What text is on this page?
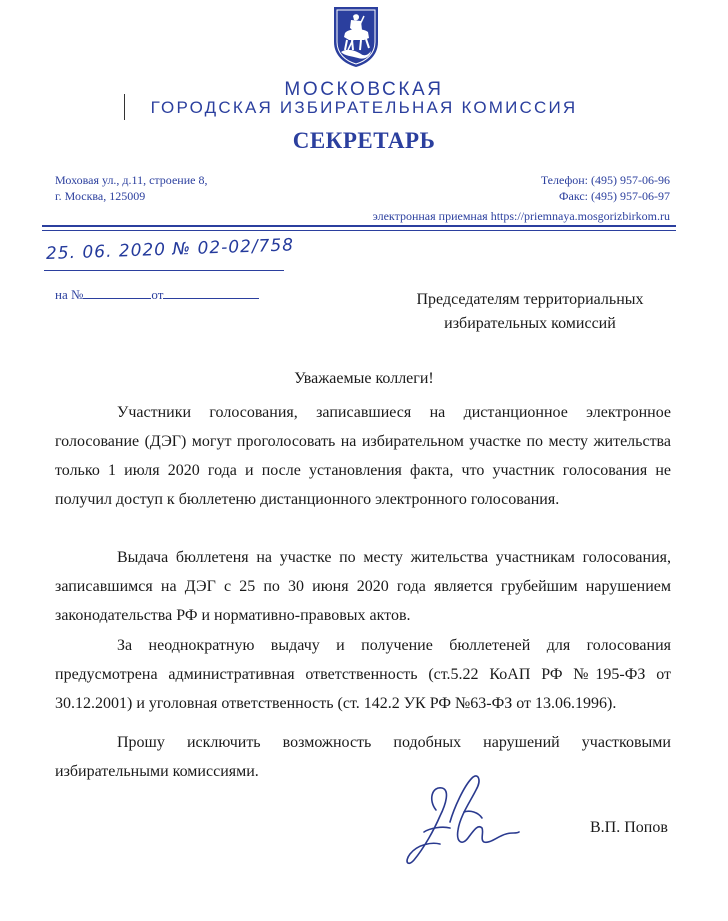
МОСКОВСКАЯ
ГОРОДСКАЯ ИЗБИРАТЕЛЬНАЯ КОМИССИЯ
СЕКРЕТАРЬ
Моховая ул., д.11, строение 8,
г. Москва, 125009
Телефон: (495) 957-06-96
Факс: (495) 957-06-97
электронная приемная https://priemnaya.mosgorizbirkom.ru
25. 06. 2020 № 02-02/758
на №	от	Председателям территориальных
избирательных комиссий
Уважаемые коллеги!

Участники голосования, записавшиеся на дистанционное электронное голосование (ДЭГ) могут проголосовать на избирательном участке по месту жительства только 1 июля 2020 года и после установления факта, что участник голосования не получил доступ к бюллетеню дистанционного электронного голосования.

Выдача бюллетеня на участке по месту жительства участникам голосования, записавшимся на ДЭГ с 25 по 30 июня 2020 года является грубейшим нарушением законодательства РФ и нормативно-правовых актов.

За неоднократную выдачу и получение бюллетеней для голосования предусмотрена административная ответственность (ст.5.22 КоАП РФ №195-ФЗ от 30.12.2001) и уголовная ответственность (ст. 142.2 УК РФ №63-ФЗ от 13.06.1996).

Прошу исключить возможность подобных нарушений участковыми избирательными комиссиями.

В.П. Попов
